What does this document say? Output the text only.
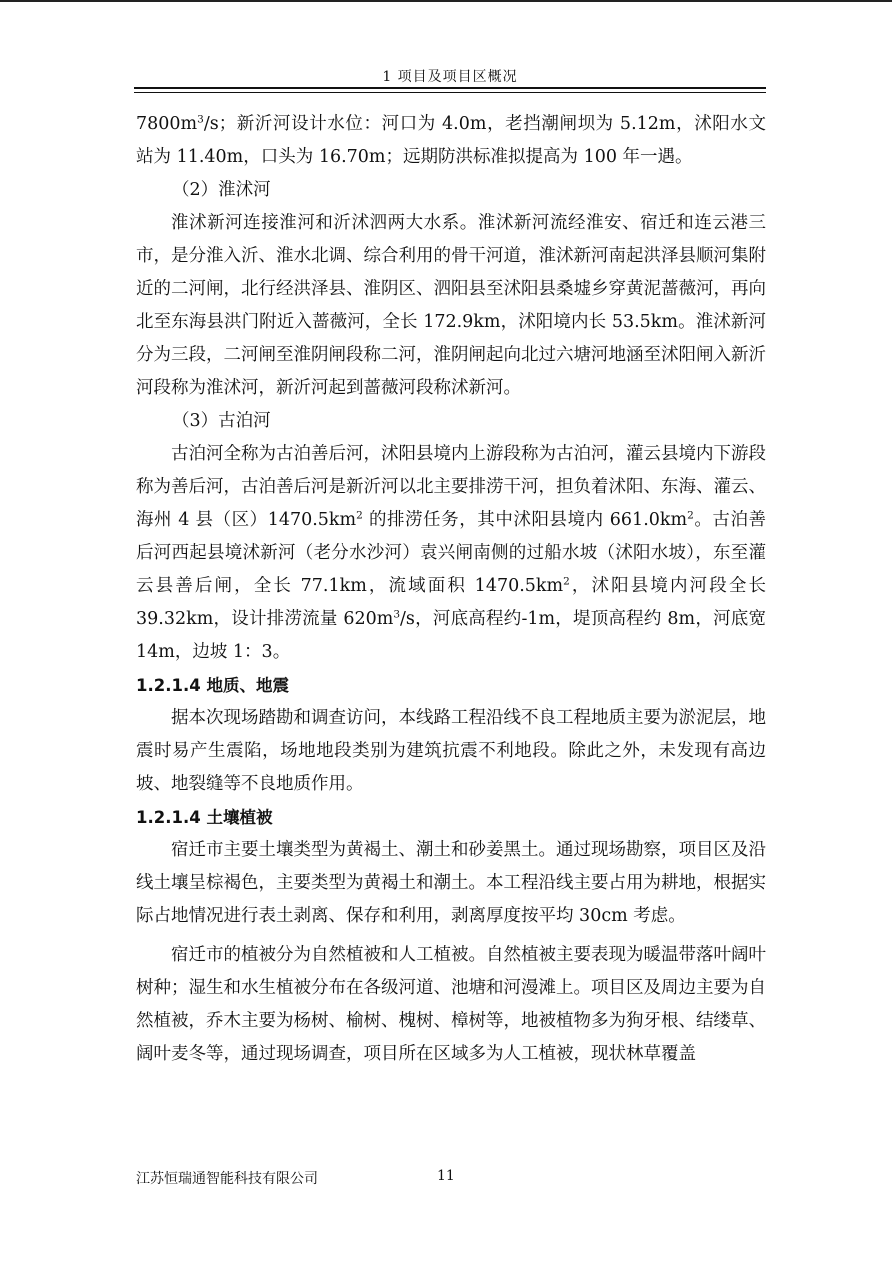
1 项目及项目区概况

$7800m^3/s$；新沂河设计水位：河口为 4.0m，老挡潮闸坝为 5.12m，沭阳水文站为 11.40m，口头为 16.70m；远期防洪标准拟提高为 100 年一遇。

（2）淮沭河

淮沭新河连接淮河和沂沭泗两大水系。淮沭新河流经淮安、宿迁和连云港三市，是分淮入沂、淮水北调、综合利用的骨干河道，淮沭新河南起洪泽县顺河集附近的二河闸，北行经洪泽县、淮阴区、泗阳县至沭阳县桑墟乡穿黄泥蔷薇河，再向北至东海县洪门附近入蔷薇河，全长 172.9km，沭阳境内长 53.5km。淮沭新河分为三段，二河闸至淮阴闸段称二河，淮阴闸起向北过六塘河地涵至沭阳闸入新沂河段称为淮沭河，新沂河起到蔷薇河段称沭新河。

（3）古泊河

古泊河全称为古泊善后河，沭阳县境内上游段称为古泊河，灌云县境内下游段称为善后河，古泊善后河是新沂河以北主要排涝干河，担负着沭阳、东海、灌云、海州 4 县（区）$1470.5km^2$ 的排涝任务，其中沭阳县境内 $661.0km^2$。古泊善后河西起县境沭新河（老分水沙河）袁兴闸南侧的过船水坡（沭阳水坡），东至灌云县善后闸，全长 77.1km，流域面积 $1470.5km^2$，沭阳县境内河段全长 39.32km，设计排涝流量 $620m^3/s$，河底高程约-1m，堤顶高程约 8m，河底宽 14m，边坡 1：3。

1.2.1.4 地质、地震

据本次现场踏勘和调查访问，本线路工程沿线不良工程地质主要为淤泥层，地震时易产生震陷，场地地段类别为建筑抗震不利地段。除此之外，未发现有高边坡、地裂缝等不良地质作用。

1.2.1.4 土壤植被

宿迁市主要土壤类型为黄褐土、潮土和砂姜黑土。通过现场勘察，项目区及沿线土壤呈棕褐色，主要类型为黄褐土和潮土。本工程沿线主要占用为耕地，根据实际占地情况进行表土剥离、保存和利用，剥离厚度按平均 30cm 考虑。

宿迁市的植被分为自然植被和人工植被。自然植被主要表现为暖温带落叶阔叶树种；湿生和水生植被分布在各级河道、池塘和河漫滩上。项目区及周边主要为自然植被，乔木主要为杨树、榆树、槐树、樟树等，地被植物多为狗牙根、结缕草、阔叶麦冬等，通过现场调查，项目所在区域多为人工植被，现状林草覆盖

江苏恒瑞通智能科技有限公司	11
